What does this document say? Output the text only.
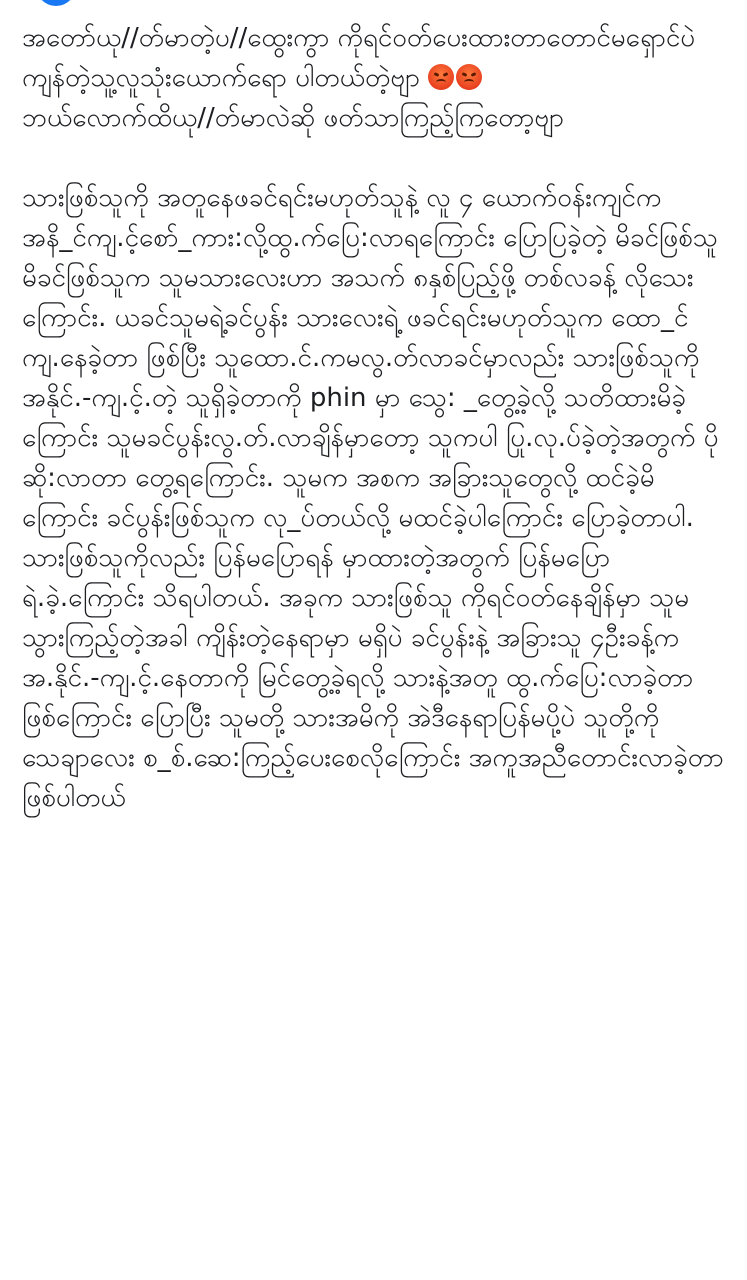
အတော်ယု//တ်မာတဲ့ပ//ထွေးကွာ ကိုရင်ဝတ်ပေးထားတာတောင်မရှောင်ပဲ ကျန်တဲ့သူ့လူသုံးယောက်ရော ပါတယ်တဲ့ဗျာ

ဘယ်လောက်ထိယု//တ်မာလဲဆို ဖတ်သာကြည့်ကြတော့ဗျာ

သားဖြစ်သူကို အတူနေဖခင်ရင်းမဟုတ်သူနဲ့ လူ ၄ ယောက်ဝန်းကျင်က အနိ_င်ကျ.င့်စော်_ကား:လို့ထွ.က်ပြေ:လာရကြောင်း ပြောပြခဲ့တဲ့ မိခင်ဖြစ်သူ

မိခင်ဖြစ်သူက သူမသားလေးဟာ အသက် ၈နှစ်ပြည့်ဖို့ တစ်လခန့် လိုသေးကြောင်း. ယခင်သူမရဲ့ခင်ပွန်း သားလေးရဲ့ ဖခင်ရင်းမဟုတ်သူက ထော_င်ကျ.နေခဲ့တာ ဖြစ်ပြီး သူထော.င်.ကမလွ.တ်လာခင်မှာလည်း သားဖြစ်သူကို အနိုင်.-ကျ.င့်.တဲ့ သူရှိခဲ့တာကို phin မှာ သွေ: _တွေ့ခဲ့လို့ သတိထားမိခဲ့ကြောင်း သူမခင်ပွန်းလွ.တ်.လာချိန်မှာတော့ သူကပါ ပြု.လု.ပ်ခဲ့တဲ့အတွက် ပိုဆို:လာတာ တွေ့ရကြောင်း. သူမက အစက အခြားသူတွေလို့ ထင်ခဲ့မိကြောင်း ခင်ပွန်းဖြစ်သူက လု_ပ်တယ်လို့ မထင်ခဲ့ပါကြောင်း ပြောခဲ့တာပါ.

သားဖြစ်သူကိုလည်း ပြန်မပြောရန် မှာထားတဲ့အတွက် ပြန်မပြောရဲ.ခဲ့.ကြောင်း သိရပါတယ်. အခုက သားဖြစ်သူ ကိုရင်ဝတ်နေချိန်မှာ သူမသွားကြည့်တဲ့အခါ ကျိန်းတဲ့နေရာမှာ မရှိပဲ ခင်ပွန်းနဲ့ အခြားသူ ၄ဦးခန့်က အ.နိုင်.-ကျ.င့်.နေတာကို မြင်တွေ့ခဲ့ရလို့ သားနဲ့အတူ ထွ.က်ပြေ:လာခဲ့တာဖြစ်ကြောင်း ပြောပြီး သူမတို့ သားအမိကို အဲဒီနေရာပြန်မပို့ပဲ သူတို့ကို သေချာလေး စ_စ်.ဆေ:ကြည့်ပေးစေလိုကြောင်း အကူအညီတောင်းလာခဲ့တာ ဖြစ်ပါတယ်
